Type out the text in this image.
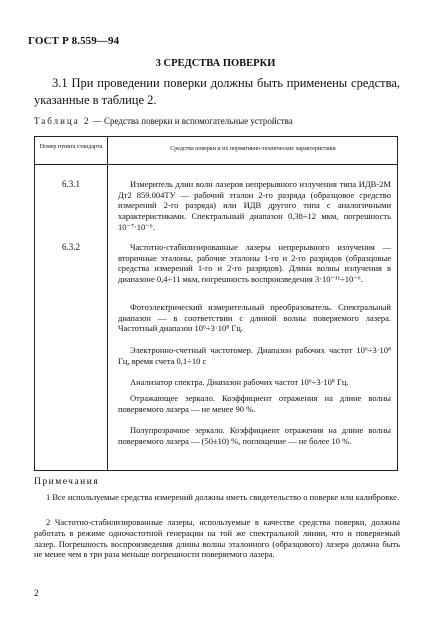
ГОСТ Р 8.559—94
3 СРЕДСТВА ПОВЕРКИ
3.1 При проведении поверки должны быть применены средства, указанные в таблице 2.
Таблица 2 — Средства поверки и вспомогательные устройства
Номер пункта стандарта	Средства поверки и их нормативно-технические характеристики
6.3.1	Измеритель длин волн лазеров непрерывного излучения типа ИДВ-2М Дт2 859.004ТУ — рабочий эталон 2-го разряда (образцовое средство измерений 2-го разряда) или ИДВ другого типа с аналогичными характеристиками. Спектральный диапазон 0,38÷12 мкм, погрешность 10⁻⁷·10⁻⁶.
6.3.2	Частотно-стабилизированные лазеры непрерывного излучения — вторичные эталоны, рабочие эталоны 1-го и 2-го разрядов (образцовые средства измерений 1-го и 2-го разрядов). Длина волны излучения в диапазоне 0,4÷11 мкм, погрешность воспроизведения 3·10⁻¹¹÷10⁻⁶.
Фотоэлектрический измерительный преобразователь. Спектральный диапазон — в соответствии с длиной волны поверяемого лазера. Частотный диапазон 10⁶÷3·10⁸ Гц.
Электронно-счетный частотомер. Диапазон рабочих частот 10⁶÷3·10⁸ Гц, время счета 0,1÷10 с
Анализатор спектра. Диапазон рабочих частот 10⁶÷3·10⁸ Гц.
Отражающее зеркало. Коэффициент отражения на длине волны поверяемого лазера — не менее 90 %.
Полупрозрачное зеркало. Коэффициент отражения на длине волны поверяемого лазера — (50±10) %, поглощение — не более 10 %.
Примечания
1 Все используемые средства измерений должны иметь свидетельство о поверке или калибровке.
2 Частотно-стабилизированные лазеры, используемые в качестве средства поверки, должны работать в режиме одночастотной генерации на той же спектральной линии, что и поверяемый лазер. Погрешность воспроизведения длины волны эталонного (образцового) лазера должна быть не менее чем в три раза меньше погрешности поверяемого лазера.
2
